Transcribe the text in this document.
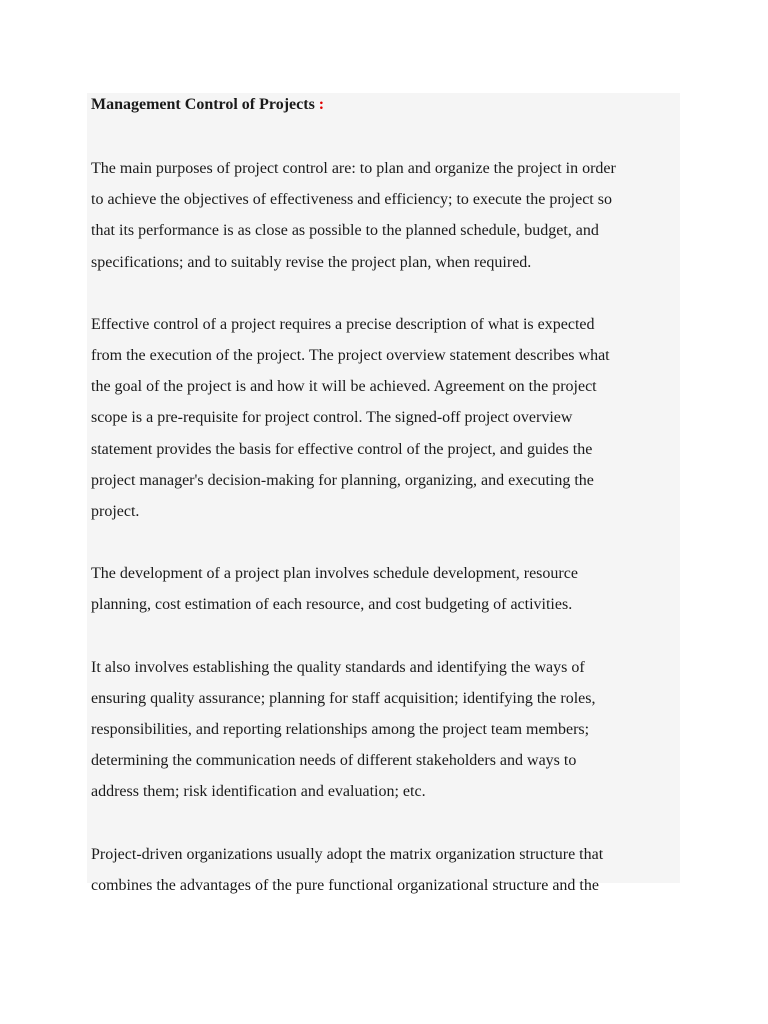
Management Control of Projects :

The main purposes of project control are: to plan and organize the project in order
to achieve the objectives of effectiveness and efficiency; to execute the project so
that its performance is as close as possible to the planned schedule, budget, and
specifications; and to suitably revise the project plan, when required.

Effective control of a project requires a precise description of what is expected
from the execution of the project. The project overview statement describes what
the goal of the project is and how it will be achieved. Agreement on the project
scope is a pre-requisite for project control. The signed-off project overview
statement provides the basis for effective control of the project, and guides the
project manager's decision-making for planning, organizing, and executing the
project.

The development of a project plan involves schedule development, resource
planning, cost estimation of each resource, and cost budgeting of activities.

It also involves establishing the quality standards and identifying the ways of
ensuring quality assurance; planning for staff acquisition; identifying the roles,
responsibilities, and reporting relationships among the project team members;
determining the communication needs of different stakeholders and ways to
address them; risk identification and evaluation; etc.

Project-driven organizations usually adopt the matrix organization structure that
combines the advantages of the pure functional organizational structure and the
